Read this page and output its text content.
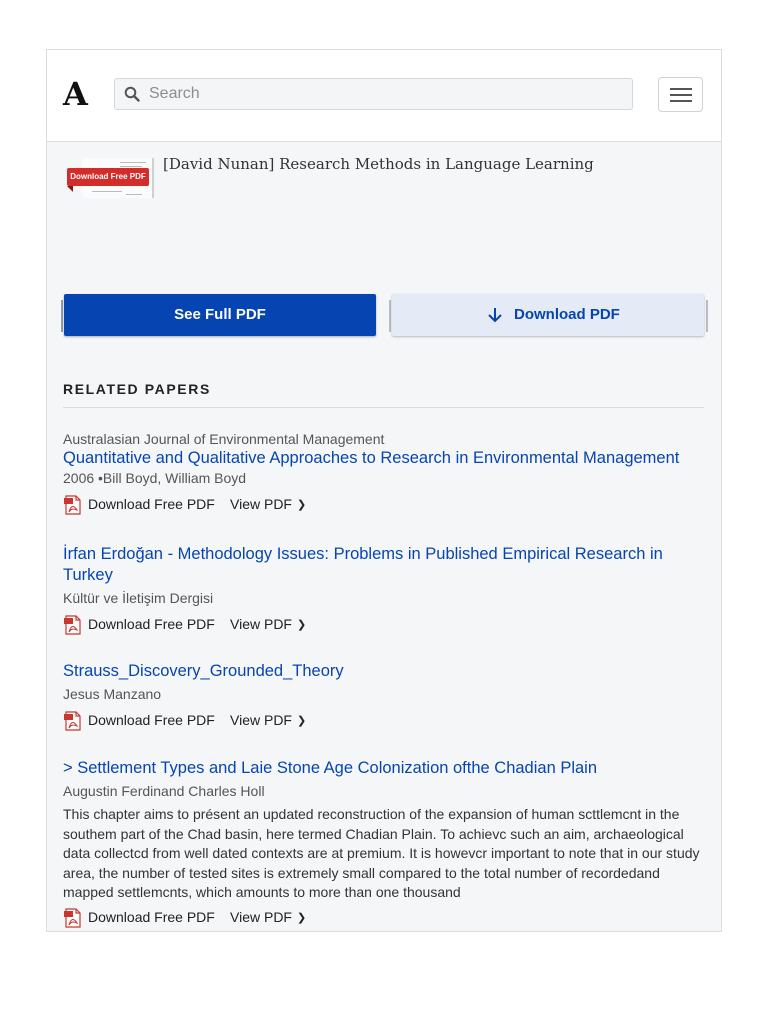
A
Search
Download Free PDF
[David Nunan] Research Methods in Language Learning
See Full PDF	Download PDF
RELATED PAPERS
Australasian Journal of Environmental Management
Quantitative and Qualitative Approaches to Research in Environmental Management
2006 •Bill Boyd, William Boyd
Download Free PDF View PDF ❯
İrfan Erdoğan - Methodology Issues: Problems in Published Empirical Research in Turkey
Kültür ve İletişim Dergisi
Download Free PDF View PDF ❯
Strauss_Discovery_Grounded_Theory
Jesus Manzano
Download Free PDF View PDF ❯
> Settlement Types and Laie Stone Age Colonization ofthe Chadian Plain
Augustin Ferdinand Charles Holl
This chapter aims to présent an updated reconstruction of the expansion of human scttlemcnt in the southem part of the Chad basin, here termed Chadian Plain. To achievc such an aim, archaeological data collectcd from well dated contexts are at premium. It is howevcr important to note that in our study area, the number of tested sites is extremely small compared to the total number of recordedand mapped settlemcnts, which amounts to more than one thousand
Download Free PDF View PDF ❯
